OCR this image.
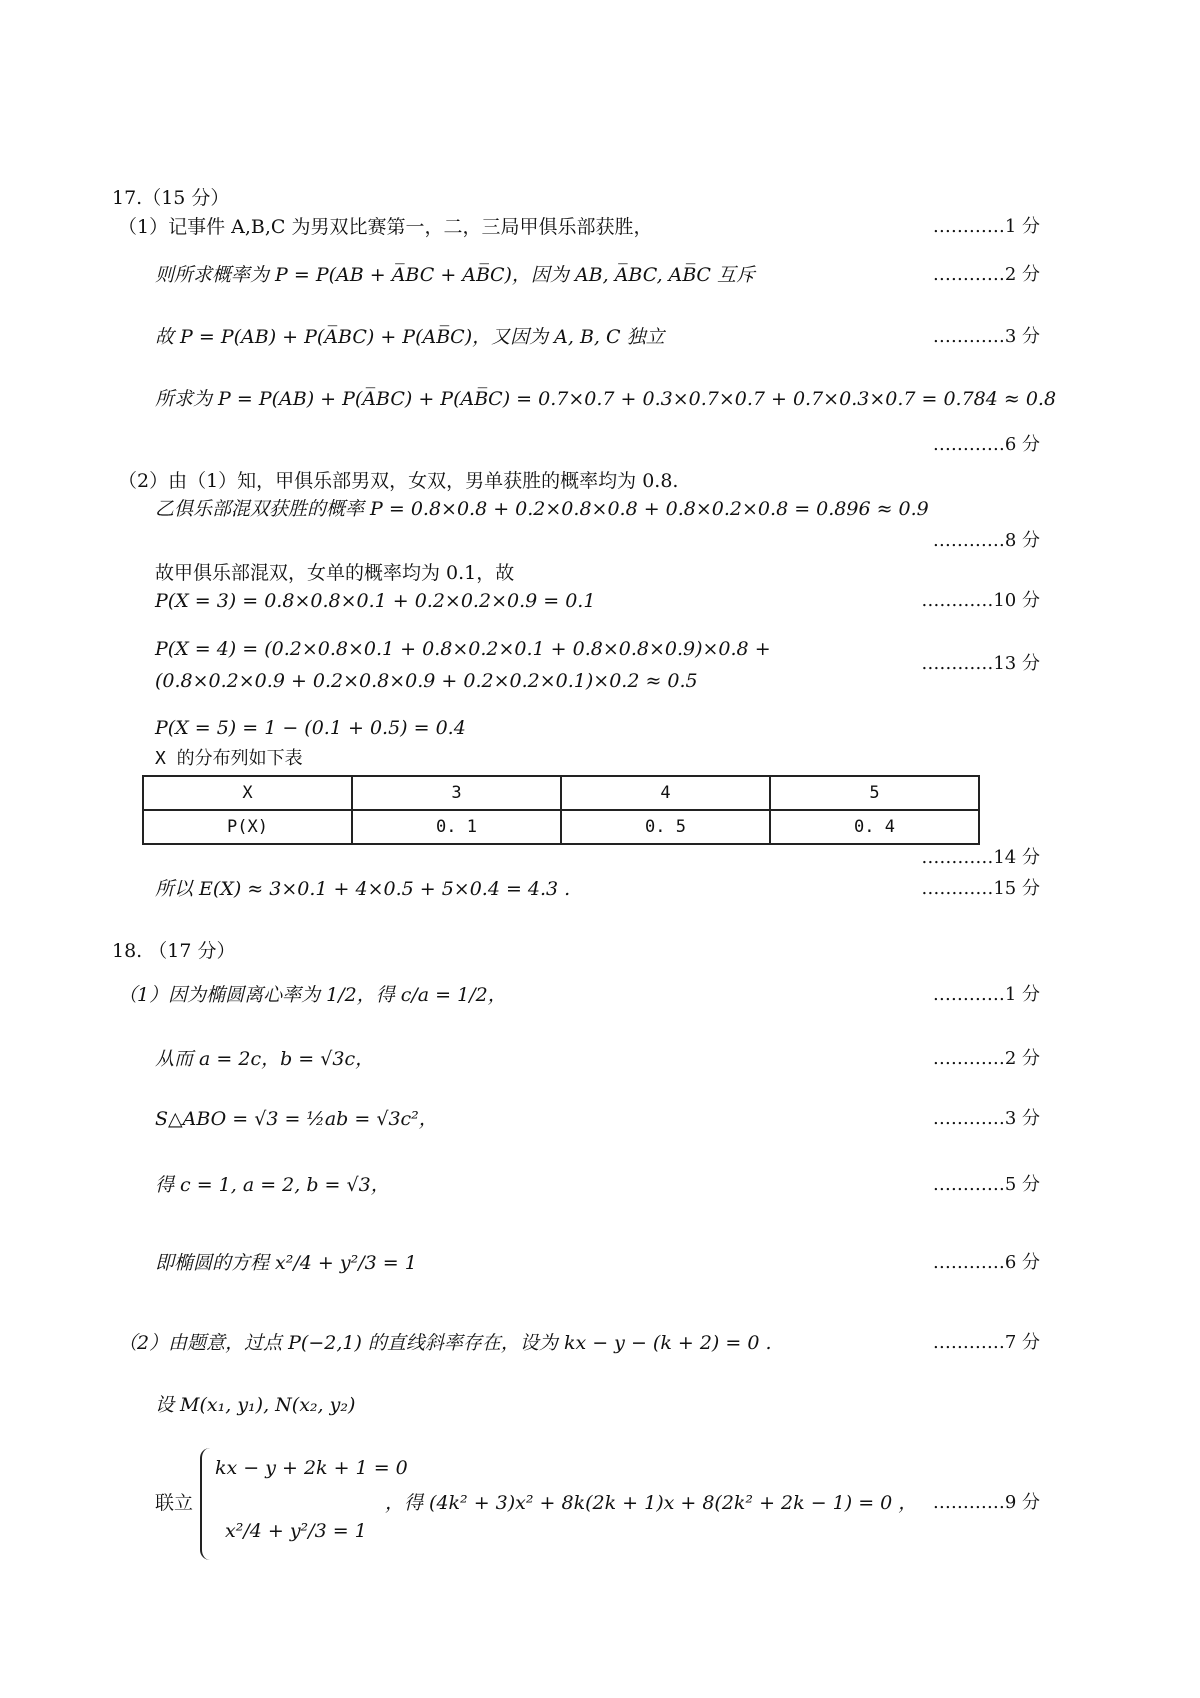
17.（15 分）
（1）记事件 A,B,C 为男双比赛第一，二，三局甲俱乐部获胜，	…………1 分
则所求概率为 P = P(AB + A̅BC + AB̅C)，因为 AB, A̅BC, AB̅C 互斥	…………2 分
故 P = P(AB) + P(A̅BC) + P(AB̅C)，又因为 A, B, C 独立	…………3 分
所求为 P = P(AB) + P(A̅BC) + P(AB̅C) = 0.7×0.7 + 0.3×0.7×0.7 + 0.7×0.3×0.7 = 0.784 ≈ 0.8
…………6 分
（2）由（1）知，甲俱乐部男双，女双，男单获胜的概率均为 0.8.
乙俱乐部混双获胜的概率 P = 0.8×0.8 + 0.2×0.8×0.8 + 0.8×0.2×0.8 = 0.896 ≈ 0.9
…………8 分
故甲俱乐部混双，女单的概率均为 0.1，故
P(X = 3) = 0.8×0.8×0.1 + 0.2×0.2×0.9 = 0.1	…………10 分
P(X = 4) = (0.2×0.8×0.1 + 0.8×0.2×0.1 + 0.8×0.8×0.9)×0.8 +
(0.8×0.2×0.9 + 0.2×0.8×0.9 + 0.2×0.2×0.1)×0.2 ≈ 0.5
…………13 分
P(X = 5) = 1 − (0.1 + 0.5) = 0.4
X 的分布列如下表
X	3	4	5
P(X)	0. 1	0. 5	0. 4
…………14 分
所以 E(X) ≈ 3×0.1 + 4×0.5 + 5×0.4 = 4.3 .	…………15 分
18. （17 分）
（1）因为椭圆离心率为 1/2，得 c/a = 1/2，	…………1 分
从而 a = 2c，b = √3c，	…………2 分
S△ABO = √3 = ½ab = √3c²，	…………3 分
得 c = 1, a = 2, b = √3，	…………5 分
即椭圆的方程 x²/4 + y²/3 = 1	…………6 分
（2）由题意，过点 P(−2,1) 的直线斜率存在，设为 kx − y − (k + 2) = 0 .	…………7 分
设 M(x₁, y₁), N(x₂, y₂)
联立
kx − y + 2k + 1 = 0
x²/4 + y²/3 = 1
，得 (4k² + 3)x² + 8k(2k + 1)x + 8(2k² + 2k − 1) = 0 ， …………9 分
